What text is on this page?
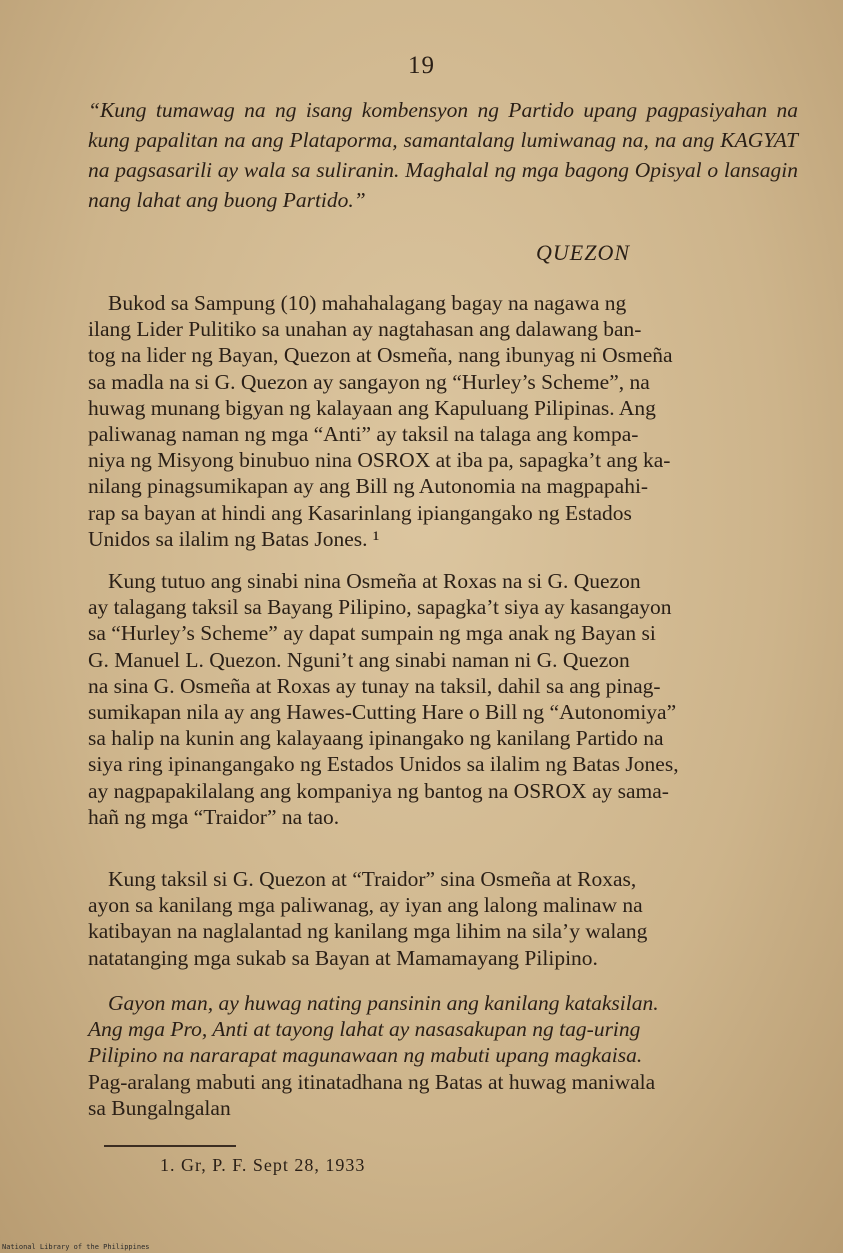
19
“Kung tumawag na ng isang kombensyon ng Partido upang pagpasiyahan na kung papalitan na ang Plataporma, samantalang lumiwanag na, na ang KAGYAT na pagsasarili ay wala sa suliranin. Maghalal ng mga bagong Opisyal o lansagin nang lahat ang buong Partido.”
QUEZON
Bukod sa Sampung (10) mahahalagang bagay na nagawa ng
ilang Lider Pulitiko sa unahan ay nagtahasan ang dalawang ban-
tog na lider ng Bayan, Quezon at Osmeña, nang ibunyag ni Osmeña
sa madla na si G. Quezon ay sangayon ng “Hurley’s Scheme”, na
huwag munang bigyan ng kalayaan ang Kapuluang Pilipinas. Ang
paliwanag naman ng mga “Anti” ay taksil na talaga ang kompa-
niya ng Misyong binubuo nina OSROX at iba pa, sapagka’t ang ka-
nilang pinagsumikapan ay ang Bill ng Autonomia na magpapahi-
rap sa bayan at hindi ang Kasarinlang ipiangangako ng Estados
Unidos sa ilalim ng Batas Jones. ¹
Kung tutuo ang sinabi nina Osmeña at Roxas na si G. Quezon
ay talagang taksil sa Bayang Pilipino, sapagka’t siya ay kasangayon
sa “Hurley’s Scheme” ay dapat sumpain ng mga anak ng Bayan si
G. Manuel L. Quezon. Nguni’t ang sinabi naman ni G. Quezon
na sina G. Osmeña at Roxas ay tunay na taksil, dahil sa ang pinag-
sumikapan nila ay ang Hawes-Cutting Hare o Bill ng “Autonomiya”
sa halip na kunin ang kalayaang ipinangako ng kanilang Partido na
siya ring ipinangangako ng Estados Unidos sa ilalim ng Batas Jones,
ay nagpapakilalang ang kompaniya ng bantog na OSROX ay sama-
hañ ng mga “Traidor” na tao.
Kung taksil si G. Quezon at “Traidor” sina Osmeña at Roxas,
ayon sa kanilang mga paliwanag, ay iyan ang lalong malinaw na
katibayan na naglalantad ng kanilang mga lihim na sila’y walang
natatanging mga sukab sa Bayan at Mamamayang Pilipino.
Gayon man, ay huwag nating pansinin ang kanilang kataksilan.
Ang mga Pro, Anti at tayong lahat ay nasasakupan ng tag-uring
Pilipino na nararapat magunawaan ng mabuti upang magkaisa.
Pag-aralang mabuti ang itinatadhana ng Batas at huwag maniwala
sa Bungalngalan
1. Gr, P. F. Sept 28, 1933
National Library of the Philippines
